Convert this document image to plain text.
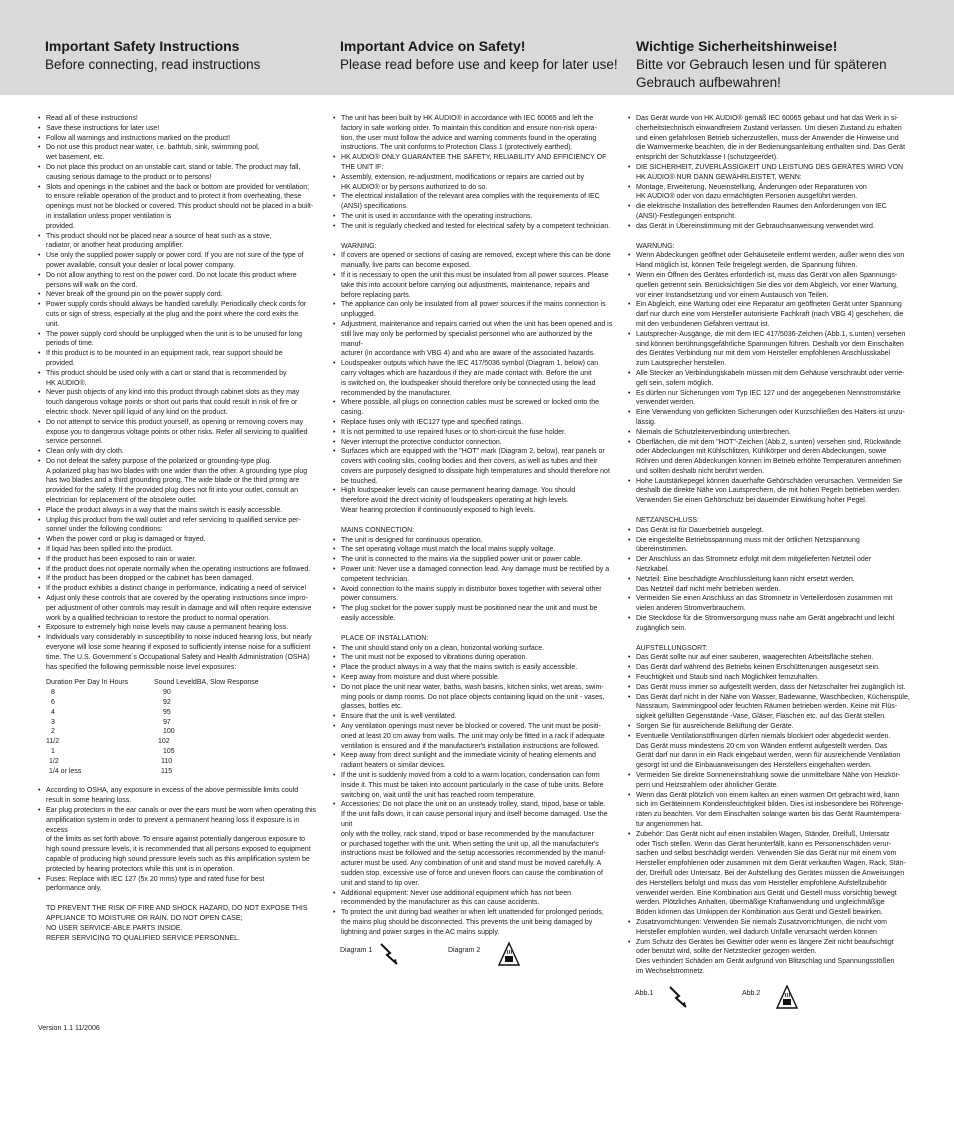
Important Safety Instructions
Before connecting, read instructions
Important Advice on Safety!
Please read before use and keep for later use!
Wichtige Sicherheitshinweise!
Bitte vor Gebrauch lesen und für späteren Gebrauch aufbewahren!
• Read all of these instructions!
• Save these instructions for later use!
• Follow all warnings and instructions marked on the product!
• Do not use this product near water, i.e. bathtub, sink, swimming pool,
wet basement, etc.
• Do not place this product on an unstable cart, stand or table. The product may fall,
causing serious damage to the product or to persons!
• Slots and openings in the cabinet and the back or bottom are provided for ventilation;
to ensure reliable operation of the product and to protect it from overheating, these
openings must not be blocked or covered. This product should not be placed in a built-
in installation unless proper ventilation is
provided.
• This product should not be placed near a source of heat such as a stove,
radiator, or another heat producing amplifier.
• Use only the supplied power supply or power cord. If you are not sure of the type of
power available, consult your dealer or local power company.
• Do not allow anything to rest on the power cord. Do not locate this product where
persons will walk on the cord.
• Never break off the ground pin on the power supply cord.
• Power supply cords should always be handled carefully. Periodically check cords for
cuts or sign of stress, especially at the plug and the point where the cord exits the
unit.
• The power supply cord should be unplugged when the unit is to be unused for long
periods of time.
• If this product is to be mounted in an equipment rack, rear support should be
provided.
• This product should be used only with a cart or stand that is recommended by
HK AUDIO®.
• Never push objects of any kind into this product through cabinet slots as they may
touch dangerous voltage points or short out parts that could result in risk of fire or
electric shock. Never spill liquid of any kind on the product.
• Do not attempt to service this product yourself, as opening or removing covers may
expose you to dangerous voltage points or other risks. Refer all servicing to qualified
service personnel.
• Clean only with dry cloth.
• Do not defeat the safety purpose of the polarized or grounding-type plug.
A polarized plug has two blades with one wider than the other. A grounding type plug
has two blades and a third grounding prong. The wide blade or the third prong are
provided for the safety. If the provided plug does not fit into your outlet, consult an
electrician for replacement of the obsolete outlet.
• Place the product always in a way that the mains switch is easily accessible.
• Unplug this product from the wall outlet and refer servicing to qualified service per-
sonnel under the following conditions:
• When the power cord or plug is damaged or frayed.
• If liquid has been spilled into the product.
• If the product has been exposed to rain or water.
• If the product does not operate normally when the operating instructions are followed.
• If the product has been dropped or the cabinet has been damaged.
• If the product exhibits a distinct change in performance, indicating a need of service!
• Adjust only these controls that are covered by the operating instructions since impro-
per adjustment of other controls may result in damage and will often require extensive
work by a qualified technician to restore the product to normal operation.
• Exposure to extremely high noise levels may cause a permanent hearing loss.
• Individuals vary considerably in susceptibility to noise induced hearing loss, but nearly
everyone will lose some hearing if exposed to sufficiently intense noise for a sufficient
time. The U.S. Government´s Occupational Safety and Health Administration (OSHA)
has specified the following permissible noise level exposures:
Duration Per Day In Hours	Sound LeveldBA, Slow Response
8	90
6	92
4	95
3	97
2	100
11/2	102
1	105
1/2	110
1/4 or less	115
• According to OSHA, any exposure in excess of the above permissible limits could
result in some hearing loss.
• Ear plug protectors in the ear canals or over the ears must be worn when operating this
amplification system in order to prevent a permanent hearing loss if exposure is in excess
of the limits as set forth above. To ensure against potentially dangerous exposure to
high sound pressure levels, it is recommended that all persons exposed to equipment
capable of producing high sound pressure levels such as this amplification system be
protected by hearing protectors while this unit is in operation.
• Fuses: Replace with IEC 127 (5x 20 mms) type and rated fuse for best
performance only.
TO PREVENT THE RISK OF FIRE AND SHOCK HAZARD, DO NOT EXPOSE THIS
APPLIANCE TO MOISTURE OR RAIN. DO NOT OPEN CASE;
NO USER SERVICE-ABLE PARTS INSIDE.
REFER SERVICING TO QUALIFIED SERVICE PERSONNEL.
Version 1.1 11/2006
• The unit has been built by HK AUDIO® in accordance with IEC 60065 and left the
factory in safe working order. To maintain this condition and ensure non-risk opera-
tion, the user must follow the advice and warning comments found in the operating
instructions. The unit conforms to Protection Class 1 (protectively earthed).
• HK AUDIO® ONLY GUARANTEE THE SAFETY, RELIABILITY AND EFFICIENCY OF
THE UNIT IF:
• Assembly, extension, re-adjustment, modifications or repairs are carried out by
HK AUDIO® or by persons authorized to do so.
• The electrical installation of the relevant area complies with the requirements of IEC
(ANSI) specifications.
• The unit is used in accordance with the operating instructions.
• The unit is regularly checked and tested for electrical safety by a competent technician.
WARNING:
• If covers are opened or sections of casing are removed, except where this can be done
manually, live parts can become exposed.
• If it is necessary to open the unit this must be insulated from all power sources. Please
take this into account before carrying out adjustments, maintenance, repairs and
before replacing parts.
• The appliance can only be insulated from all power sources if the mains connection is
unplugged.
• Adjustment, maintenance and repairs carried out when the unit has been opened and is
still live may only be performed by specialist personnel who are authorized by the manuf-
acturer (in accordance with VBG 4) and who are aware of the associated hazards.
• Loudspeaker outputs which have the IEC 417/5036 symbol (Diagram 1, below) can
carry voltages which are hazardous if they are made contact with. Before the unit
is switched on, the loudspeaker should therefore only be connected using the lead
recommended by the manufacturer.
• Where possible, all plugs on connection cables must be screwed or locked onto the
casing.
• Replace fuses only with IEC127 type and specified ratings.
• It is not permitted to use repaired fuses or to short-circuit the fuse holder.
• Never interrupt the protective conductor connection.
• Surfaces which are equipped with the "HOT" mark (Diagram 2, below), rear panels or
covers with cooling slits, cooling bodies and their covers, as well as tubes and their
covers are purposely designed to dissipate high temperatures and should therefore not
be touched.
• High loudspeaker levels can cause permanent hearing damage. You should
therefore avoid the direct vicinity of loudspeakers operating at high levels.
Wear hearing protection if continuously exposed to high levels.
MAINS CONNECTION:
• The unit is designed for continuous operation.
• The set operating voltage must match the local mains supply voltage.
• The unit is connected to the mains via the supplied power unit or power cable.
• Power unit: Never use a damaged connection lead. Any damage must be rectified by a
competent technician.
• Avoid connection to the mains supply in distributor boxes together with several other
power consumers.
• The plug socket for the power supply must be positioned near the unit and must be
easily accessible.
PLACE OF INSTALLATION:
• The unit should stand only on a clean, horizontal working surface.
• The unit must not be exposed to vibrations during operation.
• Place the product always in a way that the mains switch is easily accessible.
• Keep away from moisture and dust where possible.
• Do not place the unit near water, baths, wash basins, kitchen sinks, wet areas, swim-
ming pools or damp rooms. Do not place objects containing liquid on the unit - vases,
glasses, bottles etc.
• Ensure that the unit is well ventilated.
• Any ventilation openings must never be blocked or covered. The unit must be positi-
oned at least 20 cm away from walls. The unit may only be fitted in a rack if adequate
ventilation is ensured and if the manufacturer's installation instructions are followed.
• Keep away from direct sunlight and the immediate vicinity of heating elements and
radiant heaters or similar devices.
• If the unit is suddenly moved from a cold to a warm location, condensation can form
inside it. This must be taken into account particularly in the case of tube units. Before
switching on, wait until the unit has reached room temperature.
• Accessories: Do not place the unit on an unsteady trolley, stand, tripod, base or table.
If the unit falls down, it can cause personal injury and itself become damaged. Use the unit
only with the trolley, rack stand, tripod or base recommended by the manufacturer
or purchased together with the unit. When setting the unit up, all the manufacturer's
instructions must be followed and the setup accessories recommended by the manuf-
acturer must be used. Any combination of unit and stand must be moved carefully. A
sudden stop, excessive use of force and uneven floors can cause the combination of
unit and stand to tip over.
• Additional equipment: Never use additional equipment which has not been
recommended by the manufacturer as this can cause accidents.
• To protect the unit during bad weather or when left unattended for prolonged periods,
the mains plug should be disconnected. This prevents the unit being damaged by
lightning and power surges in the AC mains supply.
Diagram 1	Diagram 2
• Das Gerät wurde von HK AUDIO® gemäß IEC 60065 gebaut und hat das Werk in si-
cherheitstechnisch einwandfreiem Zustand verlassen. Um diesen Zustand zu erhalten
und einen gefahrlosen Betrieb sicherzustellen, muss der Anwender die Hinweise und
die Warnvermerke beachten, die in der Bedienungsanleitung enthalten sind. Das Gerät
entspricht der Schutzklasse I (schutzgeerdet).
• DIE SICHERHEIT, ZUVERLÄSSIGKEIT UND LEISTUNG DES GERÄTES WIRD VON
HK AUDIO® NUR DANN GEWÄHRLEISTET, WENN:
• Montage, Erweiterung, Neueinstellung, Änderungen oder Reparaturen von
HK AUDIO® oder von dazu ermächtigten Personen ausgeführt werden.
• die elektrische Installation des betreffenden Raumes den Anforderungen von IEC
(ANSI)-Festlegungen entspricht.
• das Gerät in Übereinstimmung mit der Gebrauchsanweisung verwendet wird.
WARNUNG:
• Wenn Abdeckungen geöffnet oder Gehäuseteile entfernt werden, außer wenn dies von
Hand möglich ist, können Teile freigelegt werden, die Spannung führen.
• Wenn ein Öffnen des Gerätes erforderlich ist, muss das Gerät von allen Spannungs-
quellen getrennt sein. Berücksichtigen Sie dies vor dem Abgleich, vor einer Wartung,
vor einer Instandsetzung und vor einem Austausch von Teilen.
• Ein Abgleich, eine Wartung oder eine Reparatur am geöffneten Gerät unter Spannung
darf nur durch eine vom Hersteller autorisierte Fachkraft (nach VBG 4) geschehen, die
mit den verbundenen Gefahren vertraut ist.
• Lautsprecher-Ausgänge, die mit dem IEC 417/5036-Zeichen (Abb.1, s.unten) versehen
sind können berührungsgefährliche Spannungen führen. Deshalb vor dem Einschalten
des Gerätes Verbindung nur mit dem vom Hersteller empfohlenen Anschlusskabel
zum Lautsprecher herstellen.
• Alle Stecker an Verbindungskabeln müssen mit dem Gehäuse verschraubt oder verrie-
gelt sein, sofern möglich.
• Es dürfen nur Sicherungen vom Typ IEC 127 und der angegebenen Nennstromstärke
verwendet werden.
• Eine Verwendung von geflickten Sicherungen oder Kurzschließen des Halters ist unzu-
lässig.
• Niemals die Schutzleiterverbindung unterbrechen.
• Oberflächen, die mit dem "HOT"-Zeichen (Abb.2, s.unten) versehen sind, Rückwände
oder Abdeckungen mit Kühlschlitzen, Kühlkörper und deren Abdeckungen, sowie
Röhren und deren Abdeckungen können im Betrieb erhöhte Temperaturen annehmen
und sollten deshalb nicht berührt werden.
• Hohe Lautstärkepegel können dauerhafte Gehörschäden verursachen. Vermeiden Sie
deshalb die direkte Nähe von Lautsprechern, die mit hohen Pegeln betrieben werden.
Verwenden Sie einen Gehörschutz bei dauernder Einwirkung hoher Pegel.
NETZANSCHLUSS:
• Das Gerät ist für Dauerbetrieb ausgelegt.
• Die eingestellte Betriebsspannung muss mit der örtlichen Netzspannung
übereinstimmen.
• Der Anschluss an das Stromnetz erfolgt mit dem mitgelieferten Netzteil oder
Netzkabel.
• Netzteil: Eine beschädigte Anschlussleitung kann nicht ersetzt werden.
Das Netzteil darf nicht mehr betrieben werden.
• Vermeiden Sie einen Anschluss an das Stromnetz in Verteilerdosen zusammen mit
vielen anderen Stromverbrauchern.
• Die Steckdose für die Stromversorgung muss nahe am Gerät angebracht und leicht
zugänglich sein.
AUFSTELLUNGSORT:
• Das Gerät sollte nur auf einer sauberen, waagerechten Arbeitsfläche stehen.
• Das Gerät darf während des Betriebs keinen Erschütterungen ausgesetzt sein.
• Feuchtigkeit und Staub sind nach Möglichkeit fernzuhalten.
• Das Gerät muss immer so aufgestellt werden, dass der Netzschalter frei zugänglich ist.
• Das Gerät darf nicht in der Nähe von Wasser, Badewanne, Waschbecken, Küchenspüle,
Nassraum, Swimmingpool oder feuchten Räumen betrieben werden. Keine mit Flüs-
sigkeit gefüllten Gegenstände -Vase, Gläser, Flaschen etc. auf das Gerät stellen.
• Sorgen Sie für ausreichende Belüftung der Geräte.
• Eventuelle Ventilationsöffnungen dürfen niemals blockiert oder abgedeckt werden.
Das Gerät muss mindestens 20 cm von Wänden entfernt aufgestellt werden. Das
Gerät darf nur dann in ein Rack eingebaut werden, wenn für ausreichende Ventilation
gesorgt ist und die Einbauanweisungen des Herstellers eingehalten werden.
• Vermeiden Sie direkte Sonneneinstrahlung sowie die unmittelbare Nähe von Heizkör-
pern und Heizstrahlern oder ähnlicher Geräte.
• Wenn das Gerät plötzlich von einem kalten an einen warmen Ort gebracht wird, kann
sich im Geräteinnern Kondensfeuchtigkeit bilden. Dies ist insbesondere bei Röhrenge-
räten zu beachten. Vor dem Einschalten solange warten bis das Gerät Raumtempera-
tur angenommen hat.
• Zubehör: Das Gerät nicht auf einen instabilen Wagen, Ständer, Dreifuß, Untersatz
oder Tisch stellen. Wenn das Gerät herunterfällt, kann es Personenschäden verur-
sachen und selbst beschädigt werden. Verwenden Sie das Gerät nur mit einem vom
Hersteller empfohlenen oder zusammen mit dem Gerät verkauften Wagen, Rack, Stän-
der, Dreifuß oder Untersatz. Bei der Aufstellung des Gerätes müssen die Anweisungen
des Herstellers befolgt und muss das vom Hersteller empfohlene Aufstellzubehör
verwendet werden. Eine Kombination aus Gerät und Gestell muss vorsichtig bewegt
werden. Plötzliches Anhalten, übermäßige Kraftanwendung und ungleichmäßige
Böden können das Umkippen der Kombination aus Gerät und Gestell bewirken.
• Zusatzvorrichtungen: Verwenden Sie niemals Zusatzvorrichtungen, die nicht vom
Hersteller empfohlen wurden, weil dadurch Unfälle verursacht werden können
• Zum Schutz des Gerätes bei Gewitter oder wenn es längere Zeit nicht beaufsichtigt
oder benutzt wird, sollte der Netzstecker gezogen werden.
Dies verhindert Schäden am Gerät aufgrund von Blitzschlag und Spannungsstößen
im Wechselstromnetz.
Abb.1	Abb.2
